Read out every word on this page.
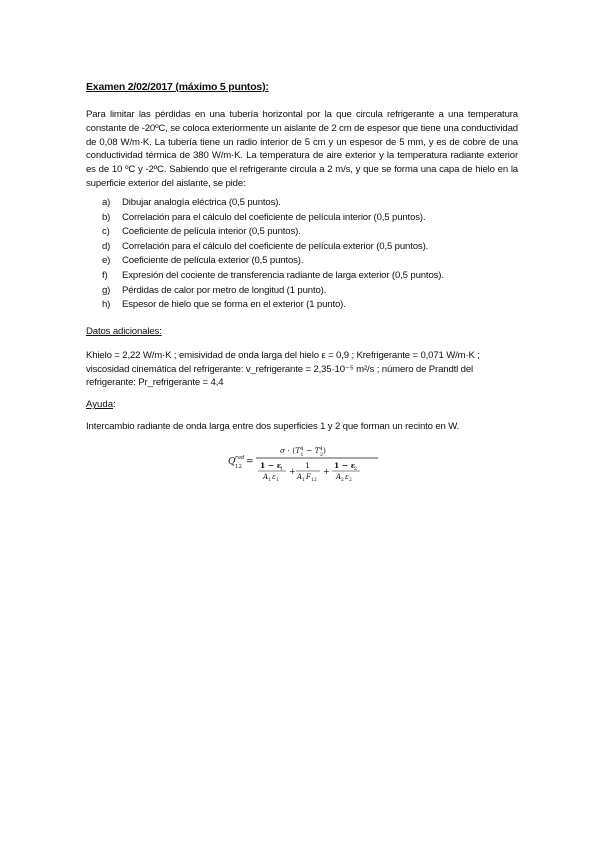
Examen 2/02/2017 (máximo 5 puntos):
Para limitar las pérdidas en una tubería horizontal por la que circula refrigerante a una temperatura constante de -20ºC, se coloca exteriormente un aislante de 2 cm de espesor que tiene una conductividad de 0,08 W/m·K. La tubería tiene un radio interior de 5 cm y un espesor de 5 mm, y es de cobre de una conductividad térmica de 380 W/m·K. La temperatura de aire exterior y la temperatura radiante exterior es de 10 ºC y -2ºC. Sabiendo que el refrigerante circula a 2 m/s, y que se forma una capa de hielo en la superficie exterior del aislante, se pide:
a)	Dibujar analogía eléctrica (0,5 puntos).
b)	Correlación para el cálculo del coeficiente de película interior (0,5 puntos).
c)	Coeficiente de película interior (0,5 puntos).
d)	Correlación para el cálculo del coeficiente de película exterior (0,5 puntos).
e)	Coeficiente de película exterior (0,5 puntos).
f)	Expresión del cociente de transferencia radiante de larga exterior (0,5 puntos).
g)	Pérdidas de calor por metro de longitud (1 punto).
h)	Espesor de hielo que se forma en el exterior (1 punto).
Datos adicionales:
Khielo = 2,22 W/m·K ; emisividad de onda larga del hielo ε = 0,9 ; Krefrigerante = 0,071 W/m·K ;
viscosidad cinemática del refrigerante: v_refrigerante = 2,35·10⁻⁵ m²/s ; número de Prandtl del
refrigerante: Pr_refrigerante = 4,4
Ayuda:
Intercambio radiante de onda larga entre dos superficies 1 y 2 que forman un recinto en W.
Q rad
12 =
$\sigma \cdot (T^4$ $1 - T^4$ 2)
1 − ε
1
A 1 ε 1
+
1
A 1 F 12
+
1 − ε
2
A 2 ε 2
